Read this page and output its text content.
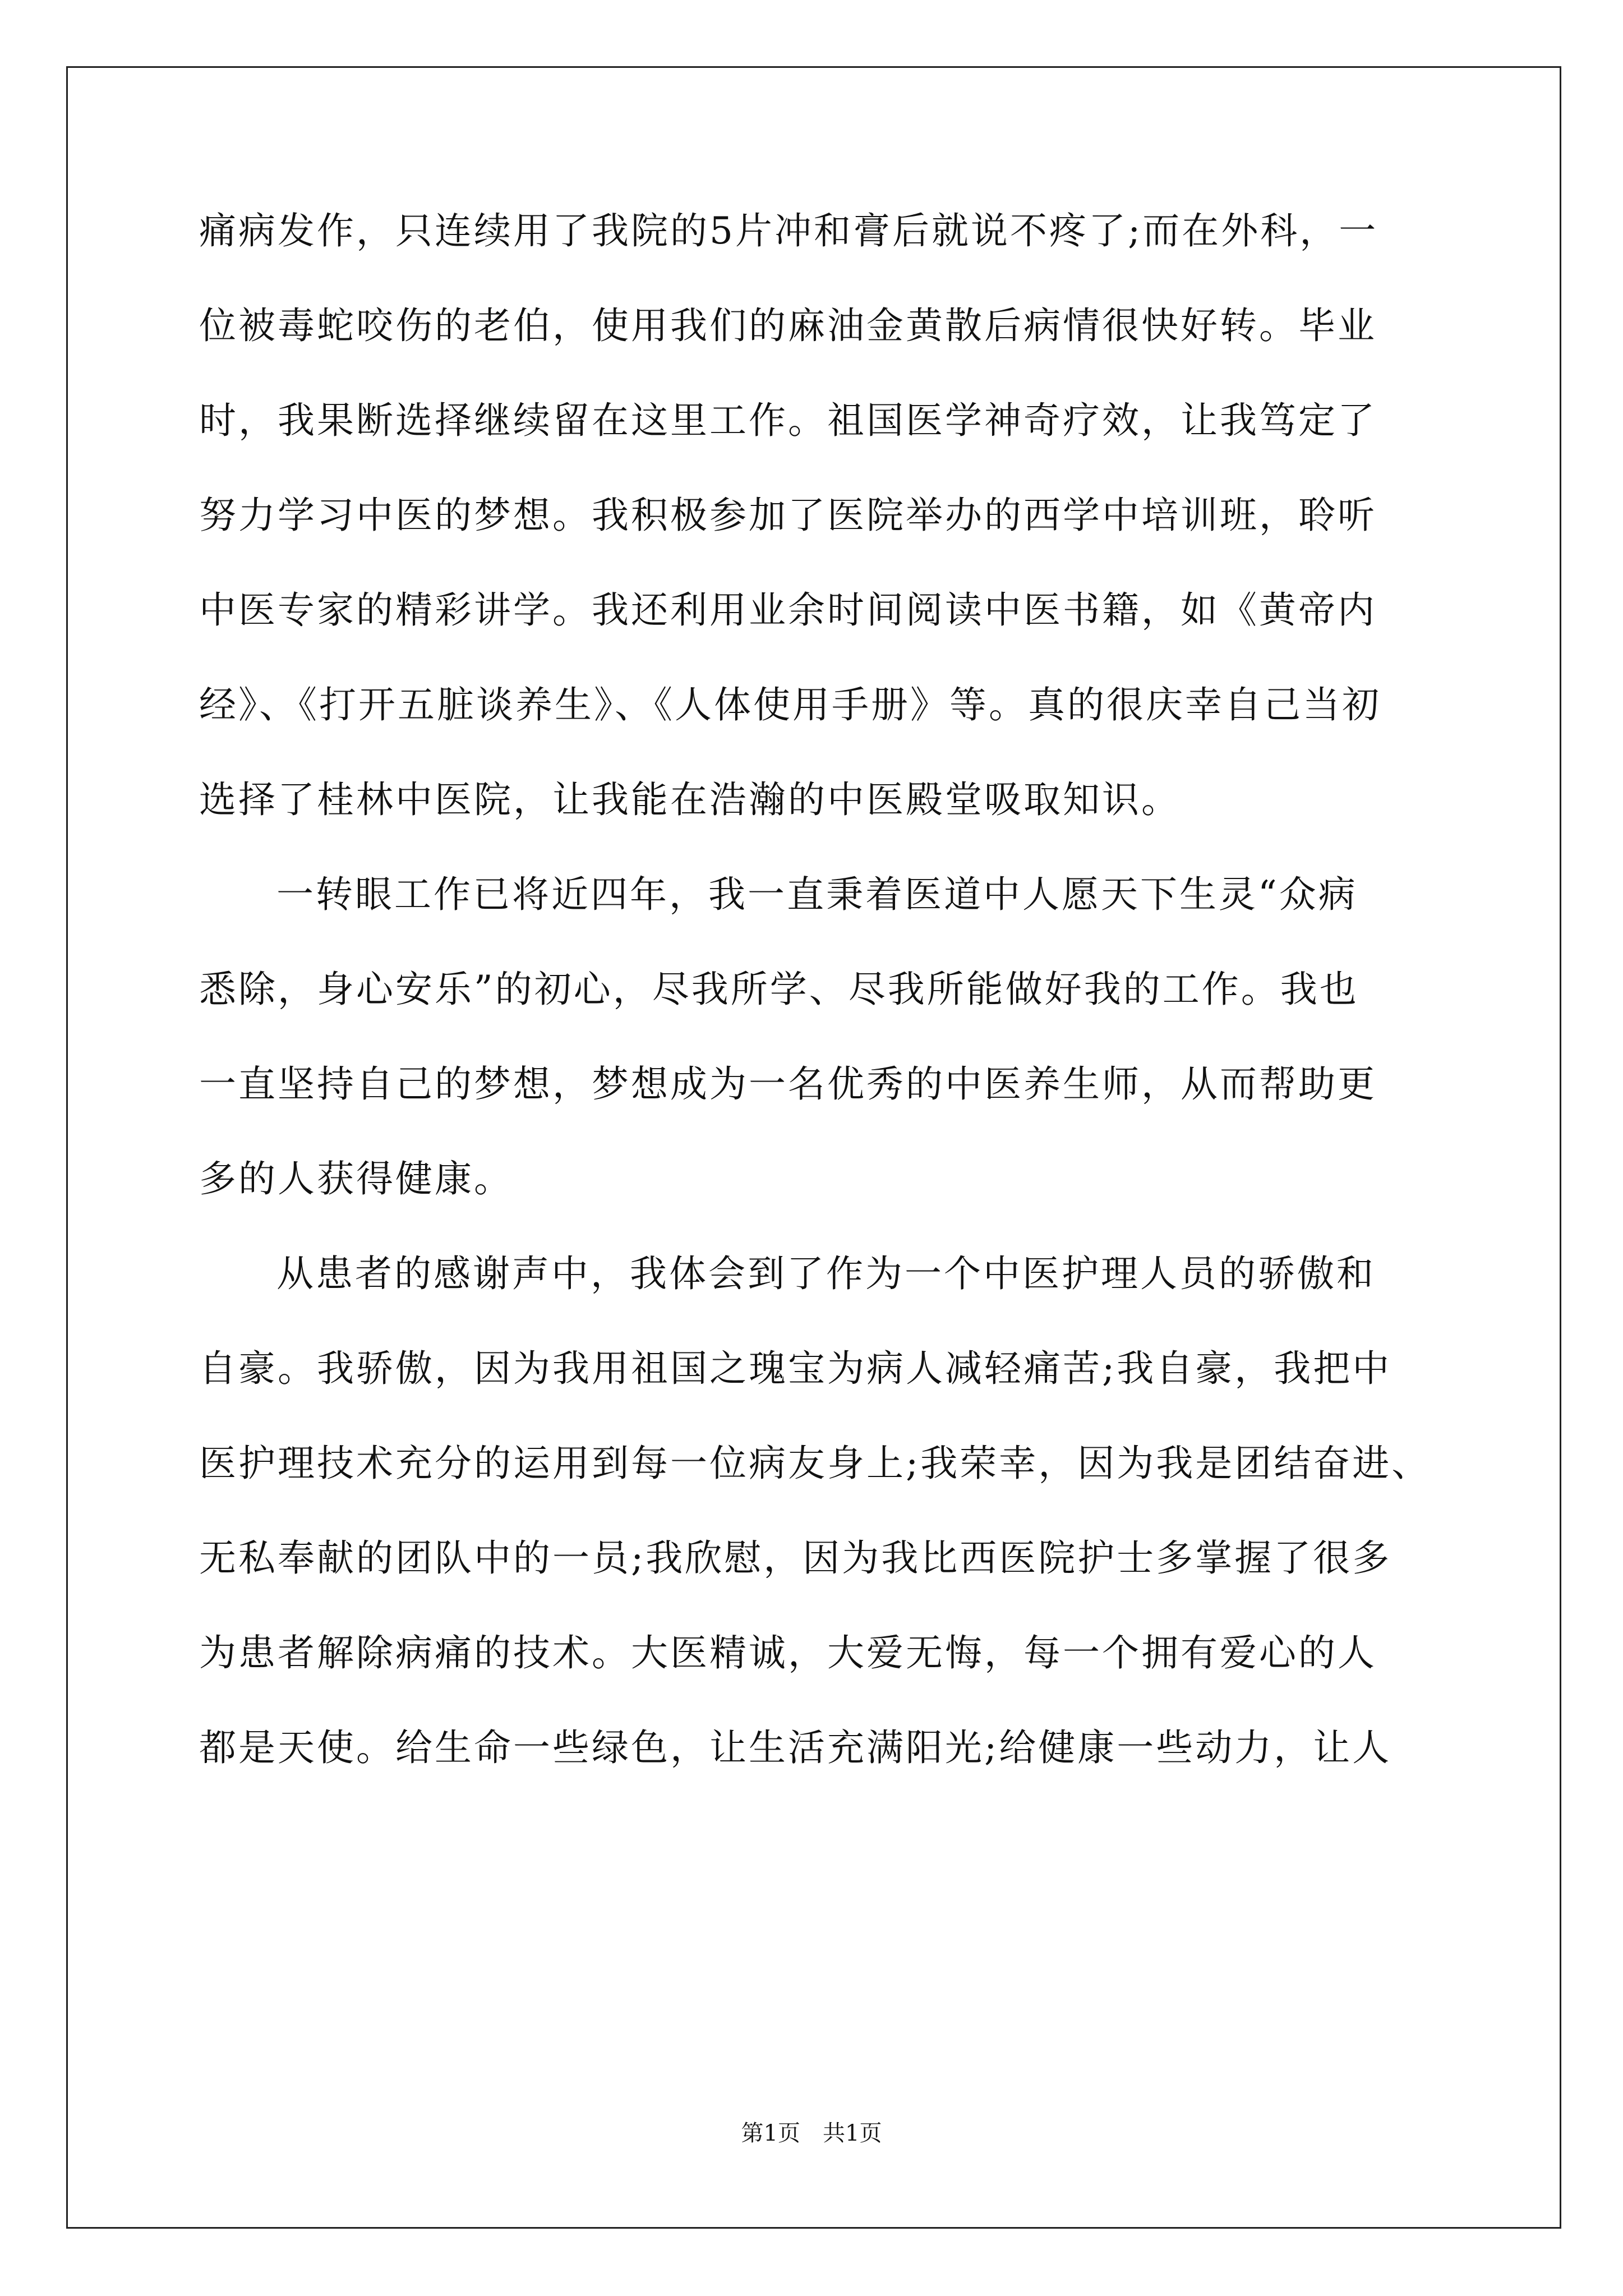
痛病发作，只连续用了我院的5片冲和膏后就说不疼了;而在外科，一
位被毒蛇咬伤的老伯，使用我们的麻油金黄散后病情很快好转。毕业
时，我果断选择继续留在这里工作。祖国医学神奇疗效，让我笃定了
努力学习中医的梦想。我积极参加了医院举办的西学中培训班，聆听
中医专家的精彩讲学。我还利用业余时间阅读中医书籍，如《黄帝内
经》、《打开五脏谈养生》、《人体使用手册》等。真的很庆幸自己当初
选择了桂林中医院，让我能在浩瀚的中医殿堂吸取知识。
一转眼工作已将近四年，我一直秉着医道中人愿天下生灵“众病
悉除，身心安乐”的初心，尽我所学、尽我所能做好我的工作。我也
一直坚持自己的梦想，梦想成为一名优秀的中医养生师，从而帮助更
多的人获得健康。
从患者的感谢声中，我体会到了作为一个中医护理人员的骄傲和
自豪。我骄傲，因为我用祖国之瑰宝为病人减轻痛苦;我自豪，我把中
医护理技术充分的运用到每一位病友身上;我荣幸，因为我是团结奋进、
无私奉献的团队中的一员;我欣慰，因为我比西医院护士多掌握了很多
为患者解除病痛的技术。大医精诚，大爱无悔，每一个拥有爱心的人
都是天使。给生命一些绿色，让生活充满阳光;给健康一些动力，让人
第1页　共1页
